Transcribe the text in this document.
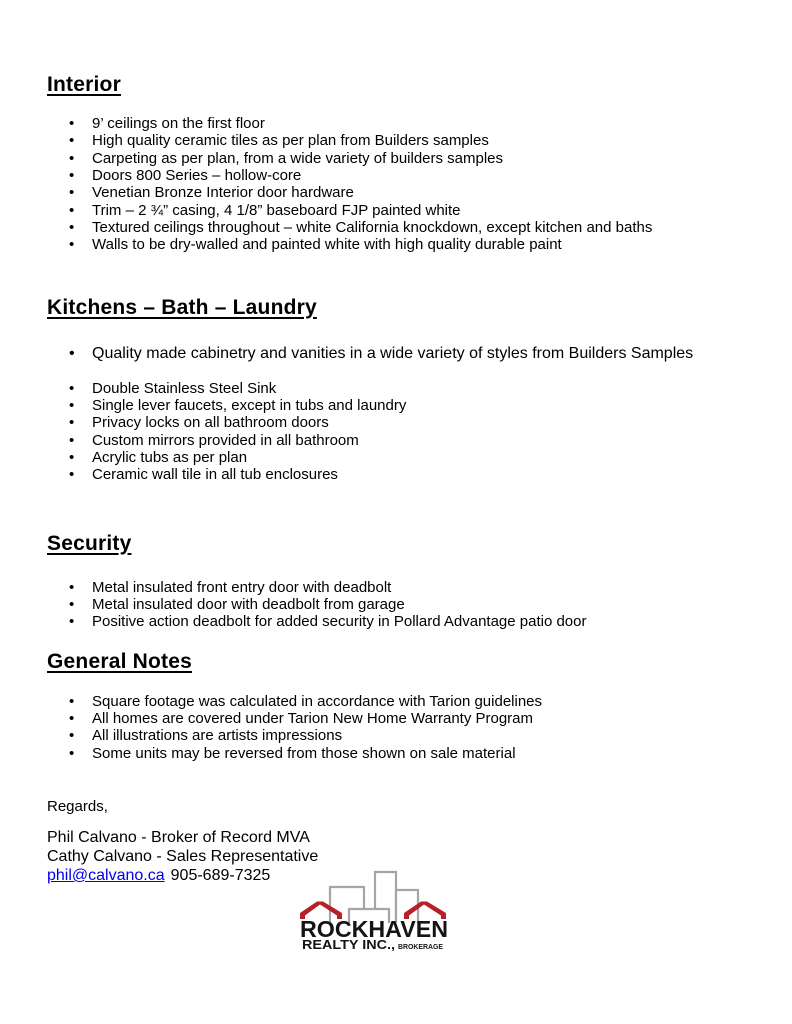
Interior
• 9’ ceilings on the first floor
• High quality ceramic tiles as per plan from Builders samples
• Carpeting as per plan, from a wide variety of builders samples
• Doors 800 Series – hollow-core
• Venetian Bronze Interior door hardware
• Trim – 2 ¾” casing, 4 1/8” baseboard FJP painted white
• Textured ceilings throughout – white California knockdown, except kitchen and baths
• Walls to be dry-walled and painted white with high quality durable paint
Kitchens – Bath – Laundry
• Quality made cabinetry and vanities in a wide variety of styles from Builders Samples
• Double Stainless Steel Sink
• Single lever faucets, except in tubs and laundry
• Privacy locks on all bathroom doors
• Custom mirrors provided in all bathroom
• Acrylic tubs as per plan
• Ceramic wall tile in all tub enclosures
Security
• Metal insulated front entry door with deadbolt
• Metal insulated door with deadbolt from garage
• Positive action deadbolt for added security in Pollard Advantage patio door
General Notes
• Square footage was calculated in accordance with Tarion guidelines
• All homes are covered under Tarion New Home Warranty Program
• All illustrations are artists impressions
• Some units may be reversed from those shown on sale material

Regards,

Phil Calvano - Broker of Record MVA

Cathy Calvano - Sales Representative

phil@calvano.ca 905-689-7325

ROCKHAVEN
REALTY INC., BROKERAGE
